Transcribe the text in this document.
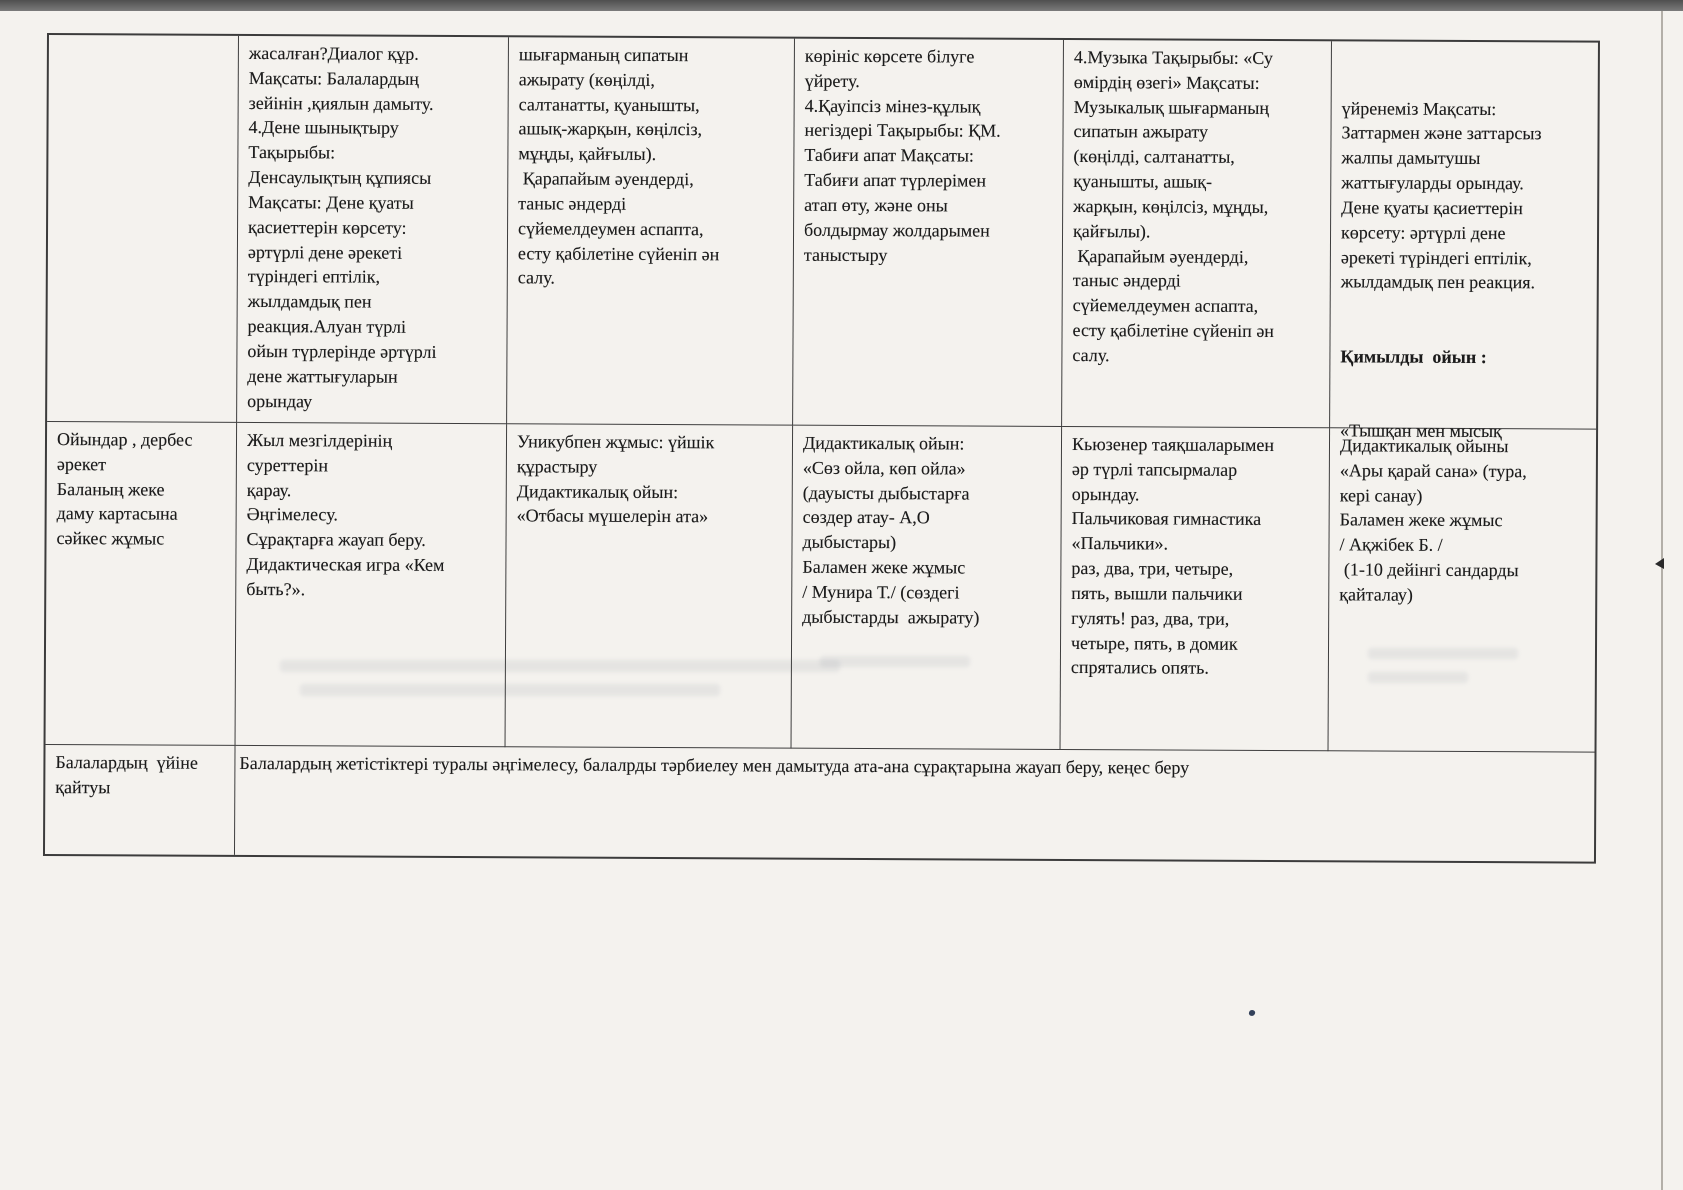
жасалған?Диалог құр.
Мақсаты: Балалардың
зейінін ,қиялын дамыту.
4.Дене шынықтыру
Тақырыбы:
Денсаулықтың құпиясы
Мақсаты: Дене қуаты
қасиеттерін көрсету:
әртүрлі дене әрекеті
түріндегі ептілік,
жылдамдық пен
реакция.Алуан түрлі
ойын түрлерінде әртүрлі
дене жаттығуларын
орындау
шығарманың сипатын
ажырату (көңілді,
салтанатты, қуанышты,
ашық-жарқын, көңілсіз,
мұңды, қайғылы).
Қарапайым әуендерді,
таныс әндерді
сүйемелдеумен аспапта,
есту қабілетіне сүйеніп ән
салу.
көрініс көрсете білуге
үйрету.
4.Қауіпсіз мінез-құлық
негіздері Тақырыбы: ҚМ.
Табиғи апат Мақсаты:
Табиғи апат түрлерімен
атап өту, және оны
болдырмау жолдарымен
таныстыру
4.Музыка Тақырыбы: «Су
өмірдің өзегі» Мақсаты:
Музыкалық шығарманың
сипатын ажырату
(көңілді, салтанатты,
қуанышты, ашық-
жарқын, көңілсіз, мұңды,
қайғылы).
Қарапайым әуендерді,
таныс әндерді
сүйемелдеумен аспапта,
есту қабілетіне сүйеніп ән
салу.

үйренеміз Мақсаты:
Заттармен және заттарсыз
жалпы дамытушы
жаттығуларды орындау.
Дене қуаты қасиеттерін
көрсету: әртүрлі дене
әрекеті түріндегі ептілік,
жылдамдық пен реакция.

Қимылды  ойын :

«Тышқан мен мысық

Ойындар , дербес
әрекет
Баланың жеке
даму картасына
сәйкес жұмыс
Жыл мезгілдерінің
суреттерін
қарау.
Әңгімелесу.
Сұрақтарға жауап беру.
Дидактическая игра «Кем
быть?».
Уникубпен жұмыс: үйшік
құрастыру
Дидактикалық ойын:
«Отбасы мүшелерін ата»
Дидактикалық ойын:
«Сөз ойла, көп ойла»
(дауысты дыбыстарға
сөздер атау- А,О
дыбыстары)
Баламен жеке жұмыс
/ Мунира Т./ (сөздегі
дыбыстарды  ажырату)
Кьюзенер таяқшаларымен
әр түрлі тапсырмалар
орындау.
Пальчиковая гимнастика
«Пальчики».
раз, два, три, четыре,
пять, вышли пальчики
гулять! раз, два, три,
четыре, пять, в домик
спрятались опять.
Дидактикалық ойыны
«Ары қарай сана» (тура,
кері санау)
Баламен жеке жұмыс
/ Ақжібек Б. /
(1-10 дейінгі сандарды
қайталау)
Балалардың  үйіне
қайтуы
Балалардың жетістіктері туралы әңгімелесу, балалрды тәрбиелеу мен дамытуда ата-ана сұрақтарына жауап беру, кеңес беру
